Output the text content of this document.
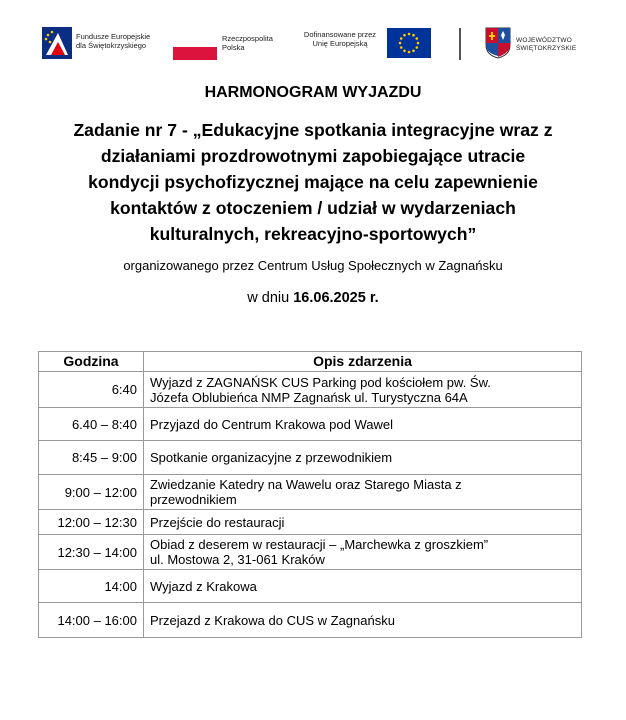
Fundusze Europejskie
dla Świętokrzyskiego
Rzeczpospolita
Polska
Dofinansowane przez
Unię Europejską	WOJEWÓDZTWO
ŚWIĘTOKRZYSKIE
HARMONOGRAM WYJAZDU
Zadanie nr 7 - „Edukacyjne spotkania integracyjne wraz z
działaniami prozdrowotnymi zapobiegające utracie
kondycji psychofizycznej mające na celu zapewnienie
kontaktów z otoczeniem / udział w wydarzeniach
kulturalnych, rekreacyjno-sportowych”
organizowanego przez Centrum Usług Społecznych w Zagnańsku
w dniu 16.06.2025 r.
Godzina	Opis zdarzenia
6:40	Wyjazd z ZAGNAŃSK CUS Parking pod kościołem pw. Św.
Józefa Oblubieńca NMP Zagnańsk ul. Turystyczna 64A

6.40 – 8:40	Przyjazd do Centrum Krakowa pod Wawel

8:45 – 9:00	Spotkanie organizacyjne z przewodnikiem

9:00 – 12:00	Zwiedzanie Katedry na Wawelu oraz Starego Miasta z
przewodnikiem

12:00 – 12:30	Przejście do restauracji

12:30 – 14:00	Obiad z deserem w restauracji – „Marchewka z groszkiem”
ul. Mostowa 2, 31-061 Kraków

14:00	Wyjazd z Krakowa

14:00 – 16:00	Przejazd z Krakowa do CUS w Zagnańsku
